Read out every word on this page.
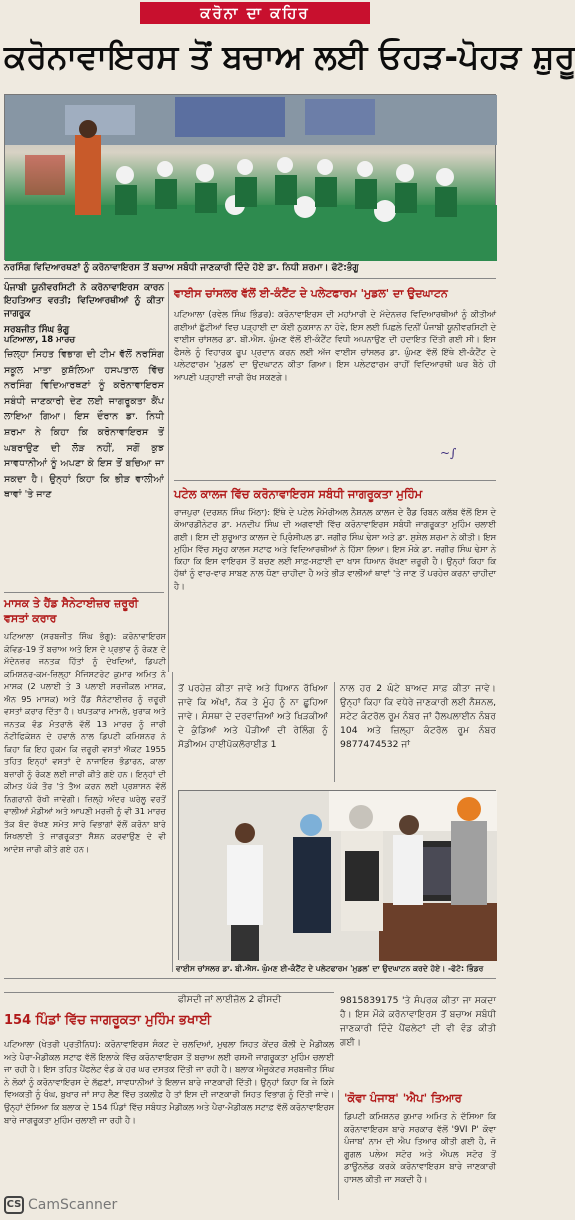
ਕਰੋਨਾ ਦਾ ਕਹਿਰ
ਕਰੋਨਾਵਾਇਰਸ ਤੋਂ ਬਚਾਅ ਲਈ ਓਹੜ-ਪੋਹੜ ਸ਼ੁਰੂ
ਨਰਸਿੰਗ ਵਿਦਿਆਰਥਣਾਂ ਨੂੰ ਕਰੋਨਾਵਾਇਰਸ ਤੋਂ ਬਚਾਅ ਸਬੰਧੀ ਜਾਣਕਾਰੀ ਦਿੰਦੇ ਹੋਏ ਡਾ. ਨਿਧੀ ਸ਼ਰਮਾ। ਫੋਟੋ:ਭੰਗੂ
ਪੰਜਾਬੀ ਯੂਨੀਵਰਸਿਟੀ ਨੇ ਕਰੋਨਾਵਾਇਰਸ ਕਾਰਨ ਇਹਤਿਆਤ ਵਰਤੀ; ਵਿਦਿਆਰਥੀਆਂ ਨੂੰ ਕੀਤਾ ਜਾਗਰੂਕ
ਸਰਬਜੀਤ ਸਿੰਘ ਭੰਗੂ
ਪਟਿਆਲਾ, 18 ਮਾਰਚ
ਜ਼ਿਲ੍ਹਾ ਸਿਹਤ ਵਿਭਾਗ ਦੀ ਟੀਮ ਵੱਲੋਂ ਨਰਸਿੰਗ ਸਕੂਲ ਮਾਤਾ ਕੁਸ਼ੱਲਿਆ ਹਸਪਤਾਲ ਵਿੱਚ ਨਰਸਿੰਗ ਵਿਦਿਆਰਥਣਾਂ ਨੂੰ ਕਰੋਨਾਵਾਇਰਸ ਸਬੰਧੀ ਜਾਣਕਾਰੀ ਦੇਣ ਲਈ ਜਾਗਰੂਕਤਾ ਕੈਂਪ ਲਾਇਆ ਗਿਆ। ਇਸ ਦੌਰਾਨ ਡਾ. ਨਿਧੀ ਸ਼ਰਮਾ ਨੇ ਕਿਹਾ ਕਿ ਕਰੋਨਾਵਾਇਰਸ ਤੋਂ ਘਬਰਾਉਣ ਦੀ ਲੋੜ ਨਹੀਂ, ਸਗੋਂ ਕੁਝ ਸਾਵਧਾਨੀਆਂ ਨੂੰ ਅਪਣਾ ਕੇ ਇਸ ਤੋਂ ਬਚਿਆ ਜਾ ਸਕਦਾ ਹੈ। ਉਨ੍ਹਾਂ ਕਿਹਾ ਕਿ ਭੀੜ ਵਾਲੀਆਂ ਥਾਵਾਂ 'ਤੇ ਜਾਣ
ਵਾਈਸ ਚਾਂਸਲਰ ਵੱਲੋਂ ਈ-ਕੰਟੈਂਟ ਦੇ ਪਲੇਟਫਾਰਮ 'ਮੁਡਲ' ਦਾ ਉਦਘਾਟਨ
ਪਟਿਆਲਾ (ਰਵੇਲ ਸਿੰਘ ਭਿੰਡਰ): ਕਰੋਨਾਵਾਇਰਸ ਦੀ ਮਹਾਂਮਾਰੀ ਦੇ ਮੱਦੇਨਜ਼ਰ ਵਿਦਿਆਰਥੀਆਂ ਨੂੰ ਕੀਤੀਆਂ ਗਈਆਂ ਛੁੱਟੀਆਂ ਵਿਚ ਪੜ੍ਹਾਈ ਦਾ ਕੋਈ ਨੁਕਸਾਨ ਨਾ ਹੋਵੇ, ਇਸ ਲਈ ਪਿਛਲੇ ਦਿਨੀਂ ਪੰਜਾਬੀ ਯੂਨੀਵਰਸਿਟੀ ਦੇ ਵਾਈਸ ਚਾਂਸਲਰ ਡਾ. ਬੀ.ਐਸ. ਘੁੰਮਣ ਵੱਲੋਂ ਈ-ਕੰਟੈਂਟ ਵਿਧੀ ਅਪਨਾਉਣ ਦੀ ਹਦਾਇਤ ਦਿੱਤੀ ਗਈ ਸੀ। ਇਸ ਫੈਸਲੇ ਨੂੰ ਵਿਹਾਰਕ ਰੂਪ ਪ੍ਰਦਾਨ ਕਰਨ ਲਈ ਅੱਜ ਵਾਈਸ ਚਾਂਸਲਰ ਡਾ. ਘੁੰਮਣ ਵੱਲੋਂ ਇੱਥੇ ਈ-ਕੰਟੈਂਟ ਦੇ ਪਲੇਟਫਾਰਮ 'ਮੁਡਲ' ਦਾ ਉਦਘਾਟਨ ਕੀਤਾ ਗਿਆ। ਇਸ ਪਲੇਟਫਾਰਮ ਰਾਹੀਂ ਵਿਦਿਆਰਥੀ ਘਰ ਬੈਠੇ ਹੀ ਆਪਣੀ ਪੜ੍ਹਾਈ ਜਾਰੀ ਰੱਖ ਸਕਣਗੇ।
~∫
ਪਟੇਲ ਕਾਲਜ ਵਿੱਚ ਕਰੋਨਾਵਾਇਰਸ ਸਬੰਧੀ ਜਾਗਰੂਕਤਾ ਮੁਹਿੰਮ
ਰਾਜਪੁਰਾ (ਦਰਸ਼ਨ ਸਿੰਘ ਮਿੱਠਾ): ਇੱਥੇ ਦੇ ਪਟੇਲ ਮੈਮੋਰੀਅਲ ਨੈਸ਼ਨਲ ਕਾਲਜ ਦੇ ਰੈੱਡ ਰਿਬਨ ਕਲੱਬ ਵੱਲੋਂ ਇਸ ਦੇ ਕੋਆਰਡੀਨੇਟਰ ਡਾ. ਮਨਦੀਪ ਸਿੰਘ ਦੀ ਅਗਵਾਈ ਵਿੱਚ ਕਰੋਨਾਵਾਇਰਸ ਸਬੰਧੀ ਜਾਗਰੂਕਤਾ ਮੁਹਿੰਮ ਚਲਾਈ ਗਈ। ਇਸ ਦੀ ਸ਼ੁਰੂਆਤ ਕਾਲਜ ਦੇ ਪ੍ਰਿੰਸੀਪਲ ਡਾ. ਜਗੀਰ ਸਿੰਘ ਢੇਸਾ ਅਤੇ ਡਾ. ਸੁਸ਼ੇਲ ਸ਼ਰਮਾ ਨੇ ਕੀਤੀ। ਇਸ ਮੁਹਿੰਮ ਵਿੱਚ ਸਮੂਹ ਕਾਲਜ ਸਟਾਫ ਅਤੇ ਵਿਦਿਆਰਥੀਆਂ ਨੇ ਹਿੱਸਾ ਲਿਆ। ਇਸ ਮੌਕੇ ਡਾ. ਜਗੀਰ ਸਿੰਘ ਢੇਸਾ ਨੇ ਕਿਹਾ ਕਿ ਇਸ ਵਾਇਰਸ ਤੋਂ ਬਚਣ ਲਈ ਸਾਫ਼-ਸਫ਼ਾਈ ਦਾ ਖਾਸ ਧਿਆਨ ਰੱਖਣਾ ਜ਼ਰੂਰੀ ਹੈ। ਉਨ੍ਹਾਂ ਕਿਹਾ ਕਿ ਹੱਥਾਂ ਨੂੰ ਵਾਰ-ਵਾਰ ਸਾਬਣ ਨਾਲ ਧੋਣਾ ਚਾਹੀਦਾ ਹੈ ਅਤੇ ਭੀੜ ਵਾਲੀਆਂ ਥਾਵਾਂ 'ਤੇ ਜਾਣ ਤੋਂ ਪਰਹੇਜ਼ ਕਰਨਾ ਚਾਹੀਦਾ ਹੈ।
ਮਾਸਕ ਤੇ ਹੈਂਡ ਸੈਨੇਟਾਈਜ਼ਰ ਜ਼ਰੂਰੀ ਵਸਤਾਂ ਕਰਾਰ
ਪਟਿਆਲਾ (ਸਰਬਜੀਤ ਸਿੰਘ ਭੰਗੂ): ਕਰੋਨਾਵਾਇਰਸ ਕੋਵਿਡ-19 ਤੋਂ ਬਚਾਅ ਅਤੇ ਇਸ ਦੇ ਪ੍ਰਭਾਵ ਨੂੰ ਰੋਕਣ ਦੇ ਮੱਦੇਨਜ਼ਰ ਜਨਤਕ ਹਿੱਤਾਂ ਨੂੰ ਦੇਖਦਿਆਂ, ਡਿਪਟੀ ਕਮਿਸ਼ਨਰ-ਕਮ-ਜ਼ਿਲ੍ਹਾ ਮੈਜਿਸਟਰੇਟ ਕੁਮਾਰ ਅਮਿਤ ਨੇ ਮਾਸਕ (2 ਪਲਾਈ ਤੇ 3 ਪਲਾਈ ਸਰਜੀਕਲ ਮਾਸਕ, ਐਨ 95 ਮਾਸਕ) ਅਤੇ ਹੈਂਡ ਸੈਨੇਟਾਈਜ਼ਰ ਨੂੰ ਜ਼ਰੂਰੀ ਵਸਤਾਂ ਕਰਾਰ ਦਿੱਤਾ ਹੈ। ਖਪਤਕਾਰ ਮਾਮਲੇ, ਖੁਰਾਕ ਅਤੇ ਜਨਤਕ ਵੰਡ ਮੰਤਰਾਲੇ ਵੱਲੋਂ 13 ਮਾਰਚ ਨੂੰ ਜਾਰੀ ਨੋਟੀਫਿਕੇਸ਼ਨ ਦੇ ਹਵਾਲੇ ਨਾਲ ਡਿਪਟੀ ਕਮਿਸ਼ਨਰ ਨੇ ਕਿਹਾ ਕਿ ਇਹ ਹੁਕਮ ਕਿ ਜ਼ਰੂਰੀ ਵਸਤਾਂ ਐਕਟ 1955 ਤਹਿਤ ਇਨ੍ਹਾਂ ਵਸਤਾਂ ਦੇ ਨਾਜਾਇਜ਼ ਭੰਡਾਰਨ, ਕਾਲਾ ਬਜ਼ਾਰੀ ਨੂੰ ਰੋਕਣ ਲਈ ਜਾਰੀ ਕੀਤੇ ਗਏ ਹਨ। ਇਨ੍ਹਾਂ ਦੀ ਕੀਮਤ ਪੱਕੇ ਤੌਰ 'ਤੇ ਤੈਅ ਕਰਨ ਲਈ ਪ੍ਰਸ਼ਾਸਨ ਵੱਲੋਂ ਨਿਗਰਾਨੀ ਰੱਖੀ ਜਾਵੇਗੀ। ਜ਼ਿਲ੍ਹੇ ਅੰਦਰ ਘਰੇਲੂ ਵਰਤੋਂ ਵਾਲੀਆਂ ਮੰਡੀਆਂ ਅਤੇ ਆਪਣੀ ਮਰਜ਼ੀ ਨੂੰ ਵੀ 31 ਮਾਰਚ ਤੱਕ ਬੰਦ ਰੱਖਣ ਸਮੇਤ ਸਾਰੇ ਵਿਭਾਗਾਂ ਵੱਲੋਂ ਕਰੋਨਾ ਬਾਰੇ ਸਿਖਲਾਈ ਤੇ ਜਾਗਰੂਕਤਾ ਸੈਸ਼ਨ ਕਰਵਾਉਣ ਦੇ ਵੀ ਆਦੇਸ਼ ਜਾਰੀ ਕੀਤੇ ਗਏ ਹਨ।
ਤੋਂ ਪਰਹੇਜ਼ ਕੀਤਾ ਜਾਵੇ ਅਤੇ ਧਿਆਨ ਰੱਖਿਆ ਜਾਵੇ ਕਿ ਅੱਖਾਂ, ਨੱਕ ਤੇ ਮੂੰਹ ਨੂੰ ਨਾ ਛੂਹਿਆ ਜਾਵੇ। ਸੰਸਥਾ ਦੇ ਦਰਵਾਜ਼ਿਆਂ ਅਤੇ ਖਿੜਕੀਆਂ ਦੇ ਕੁੰਡਿਆਂ ਅਤੇ ਪੌੜੀਆਂ ਦੀ ਰੇਲਿੰਗ ਨੂੰ ਸੋਡੀਅਮ ਹਾਈਪੋਕਲੋਰਾਈਡ 1
ਨਾਲ ਹਰ 2 ਘੰਟੇ ਬਾਅਦ ਸਾਫ਼ ਕੀਤਾ ਜਾਵੇ। ਉਨ੍ਹਾਂ ਕਿਹਾ ਕਿ ਵਧੇਰੇ ਜਾਣਕਾਰੀ ਲਈ ਨੈਸ਼ਨਲ, ਸਟੇਟ ਕੰਟਰੋਲ ਰੂਮ ਨੰਬਰ ਜਾਂ ਹੈਲਪਲਾਈਨ ਨੰਬਰ 104 ਅਤੇ ਜ਼ਿਲ੍ਹਾ ਕੰਟਰੋਲ ਰੂਮ ਨੰਬਰ 9877474532 ਜਾਂ
ਵਾਈਸ ਚਾਂਸਲਰ ਡਾ. ਬੀ.ਐਸ. ਘੁੰਮਣ ਈ-ਕੰਟੈਂਟ ਦੇ ਪਲੇਟਫਾਰਮ 'ਮੁਡਲ' ਦਾ ਉਦਘਾਟਨ ਕਰਦੇ ਹੋਏ। -ਫੋਟੋ: ਭਿੰਡਰ
ਫੀਸਦੀ ਜਾਂ ਲਾਈਜ਼ੋਲ 2 ਫੀਸਦੀ	9815839175 'ਤੇ ਸੰਪਰਕ ਕੀਤਾ ਜਾ ਸਕਦਾ ਹੈ। ਇਸ ਮੌਕੇ ਕਰੋਨਾਵਾਇਰਸ ਤੋਂ ਬਚਾਅ ਸਬੰਧੀ ਜਾਣਕਾਰੀ ਦਿੰਦੇ ਪੈਂਫਲੇਟਾਂ ਦੀ ਵੀ ਵੰਡ ਕੀਤੀ ਗਈ।
154 ਪਿੰਡਾਂ ਵਿੱਚ ਜਾਗਰੂਕਤਾ ਮੁਹਿੰਮ ਭਖਾਈ
ਪਟਿਆਲਾ (ਖੇਤਰੀ ਪ੍ਰਤੀਨਿਧ): ਕਰੋਨਾਵਾਇਰਸ ਸੰਕਟ ਦੇ ਚਲਦਿਆਂ, ਮੁਢਲਾ ਸਿਹਤ ਕੇਂਦਰ ਕੌਲੀ ਦੇ ਮੈਡੀਕਲ ਅਤੇ ਪੈਰਾ-ਮੈਡੀਕਲ ਸਟਾਫ ਵੱਲੋਂ ਇਲਾਕੇ ਵਿੱਚ ਕਰੋਨਾਵਾਇਰਸ ਤੋਂ ਬਚਾਅ ਲਈ ਰਸਮੀ ਜਾਗਰੂਕਤਾ ਮੁਹਿੰਮ ਚਲਾਈ ਜਾ ਰਹੀ ਹੈ। ਇਸ ਤਹਿਤ ਪੈਂਫਲੇਟ ਵੰਡ ਕੇ ਹਰ ਘਰ ਦਸਤਕ ਦਿੱਤੀ ਜਾ ਰਹੀ ਹੈ। ਬਲਾਕ ਐਜੂਕੇਟਰ ਸਰਬਜੀਤ ਸਿੰਘ ਨੇ ਲੋਕਾਂ ਨੂੰ ਕਰੋਨਾਵਾਇਰਸ ਦੇ ਲੱਛਣਾਂ, ਸਾਵਧਾਨੀਆਂ ਤੇ ਇਲਾਜ ਬਾਰੇ ਜਾਣਕਾਰੀ ਦਿੱਤੀ। ਉਨ੍ਹਾਂ ਕਿਹਾ ਕਿ ਜੇ ਕਿਸੇ ਵਿਅਕਤੀ ਨੂੰ ਖੰਘ, ਬੁਖਾਰ ਜਾਂ ਸਾਹ ਲੈਣ ਵਿੱਚ ਤਕਲੀਫ਼ ਹੈ ਤਾਂ ਇਸ ਦੀ ਜਾਣਕਾਰੀ ਸਿਹਤ ਵਿਭਾਗ ਨੂੰ ਦਿੱਤੀ ਜਾਵੇ। ਉਨ੍ਹਾਂ ਦੱਸਿਆ ਕਿ ਬਲਾਕ ਦੇ 154 ਪਿੰਡਾਂ ਵਿੱਚ ਸਬੰਧਤ ਮੈਡੀਕਲ ਅਤੇ ਪੈਰਾ-ਮੈਡੀਕਲ ਸਟਾਫ਼ ਵੱਲੋਂ ਕਰੋਨਾਵਾਇਰਸ ਬਾਰੇ ਜਾਗਰੂਕਤਾ ਮੁਹਿੰਮ ਚਲਾਈ ਜਾ ਰਹੀ ਹੈ।
'ਕੋਵਾ ਪੰਜਾਬ' 'ਐਪ' ਤਿਆਰ
ਡਿਪਟੀ ਕਮਿਸ਼ਨਰ ਕੁਮਾਰ ਅਮਿਤ ਨੇ ਦੱਸਿਆ ਕਿ ਕਰੋਨਾਵਾਇਰਸ ਬਾਰੇ ਸਰਕਾਰ ਵੱਲੋਂ '9VI P' ਕੋਵਾ ਪੰਜਾਬ' ਨਾਮ ਦੀ ਐਪ ਤਿਆਰ ਕੀਤੀ ਗਈ ਹੈ, ਜੋ ਗੂਗਲ ਪਲੇਅ ਸਟੋਰ ਅਤੇ ਐਪਲ ਸਟੋਰ ਤੋਂ ਡਾਊਨਲੋਡ ਕਰਕੇ ਕਰੋਨਾਵਾਇਰਸ ਬਾਰੇ ਜਾਣਕਾਰੀ ਹਾਸਲ ਕੀਤੀ ਜਾ ਸਕਦੀ ਹੈ।
CS CamScanner
